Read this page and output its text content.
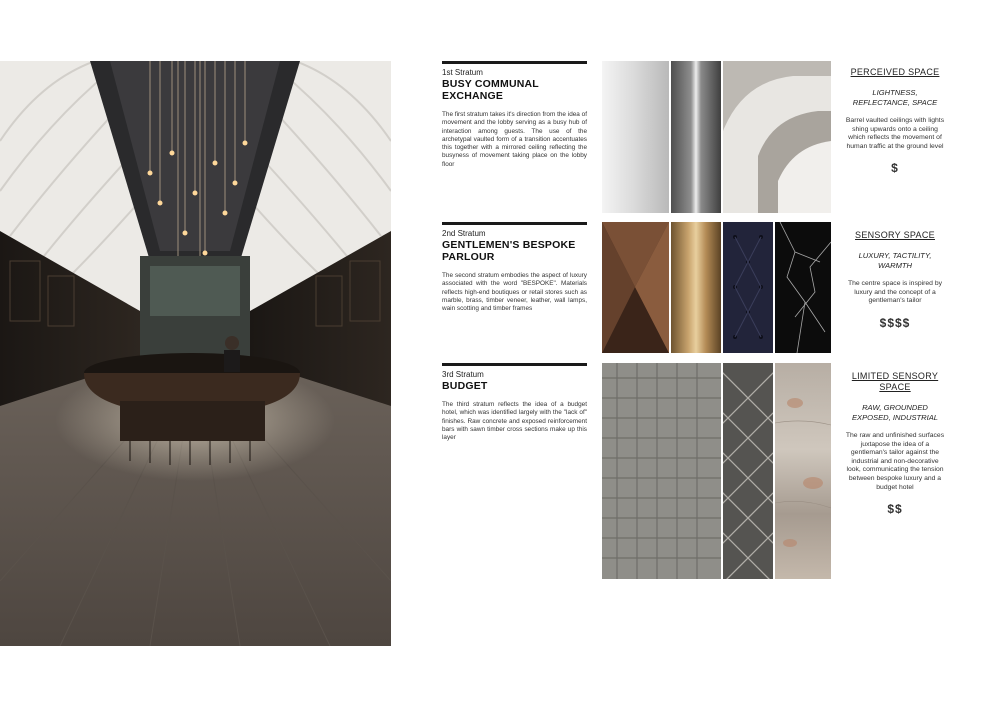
1st Stratum
BUSY COMMUNAL EXCHANGE
The first stratum takes it's direction from the idea of movement and the lobby serving as a busy hub of interaction among guests. The use of the archetypal vaulted form of a transition accentuates this together with a mirrored ceiling reflecting the busyness of movement taking place on the lobby floor
2nd Stratum
GENTLEMEN'S BESPOKE PARLOUR
The second stratum embodies the aspect of luxury associated with the word "BESPOKE". Materials reflects high-end boutiques or retail stores such as marble, brass, timber veneer, leather, wall lamps, wain scotting and timber frames
3rd Stratum
BUDGET
The third stratum reflects the idea of a budget hotel, which was identified largely with the "lack of" finishes. Raw concrete and exposed reinforcement bars with sawn timber cross sections make up this layer
PERCEIVED SPACE
LIGHTNESS, REFLECTANCE, SPACE
Barrel vaulted ceilings with lights shing upwards onto a ceiling which reflects the movement of human traffic at the ground level
$
SENSORY SPACE
LUXURY, TACTILITY, WARMTH
The centre space is inspired by luxury and the concept of a gentleman's tailor
$$$$
LIMITED SENSORY SPACE
RAW, GROUNDED EXPOSED, INDUSTRIAL
The raw and unfinished surfaces juxtapose the idea of a gentleman's tailor against the industrial and non-decorative look, communicating the tension between bespoke luxury and a budget hotel
$$
